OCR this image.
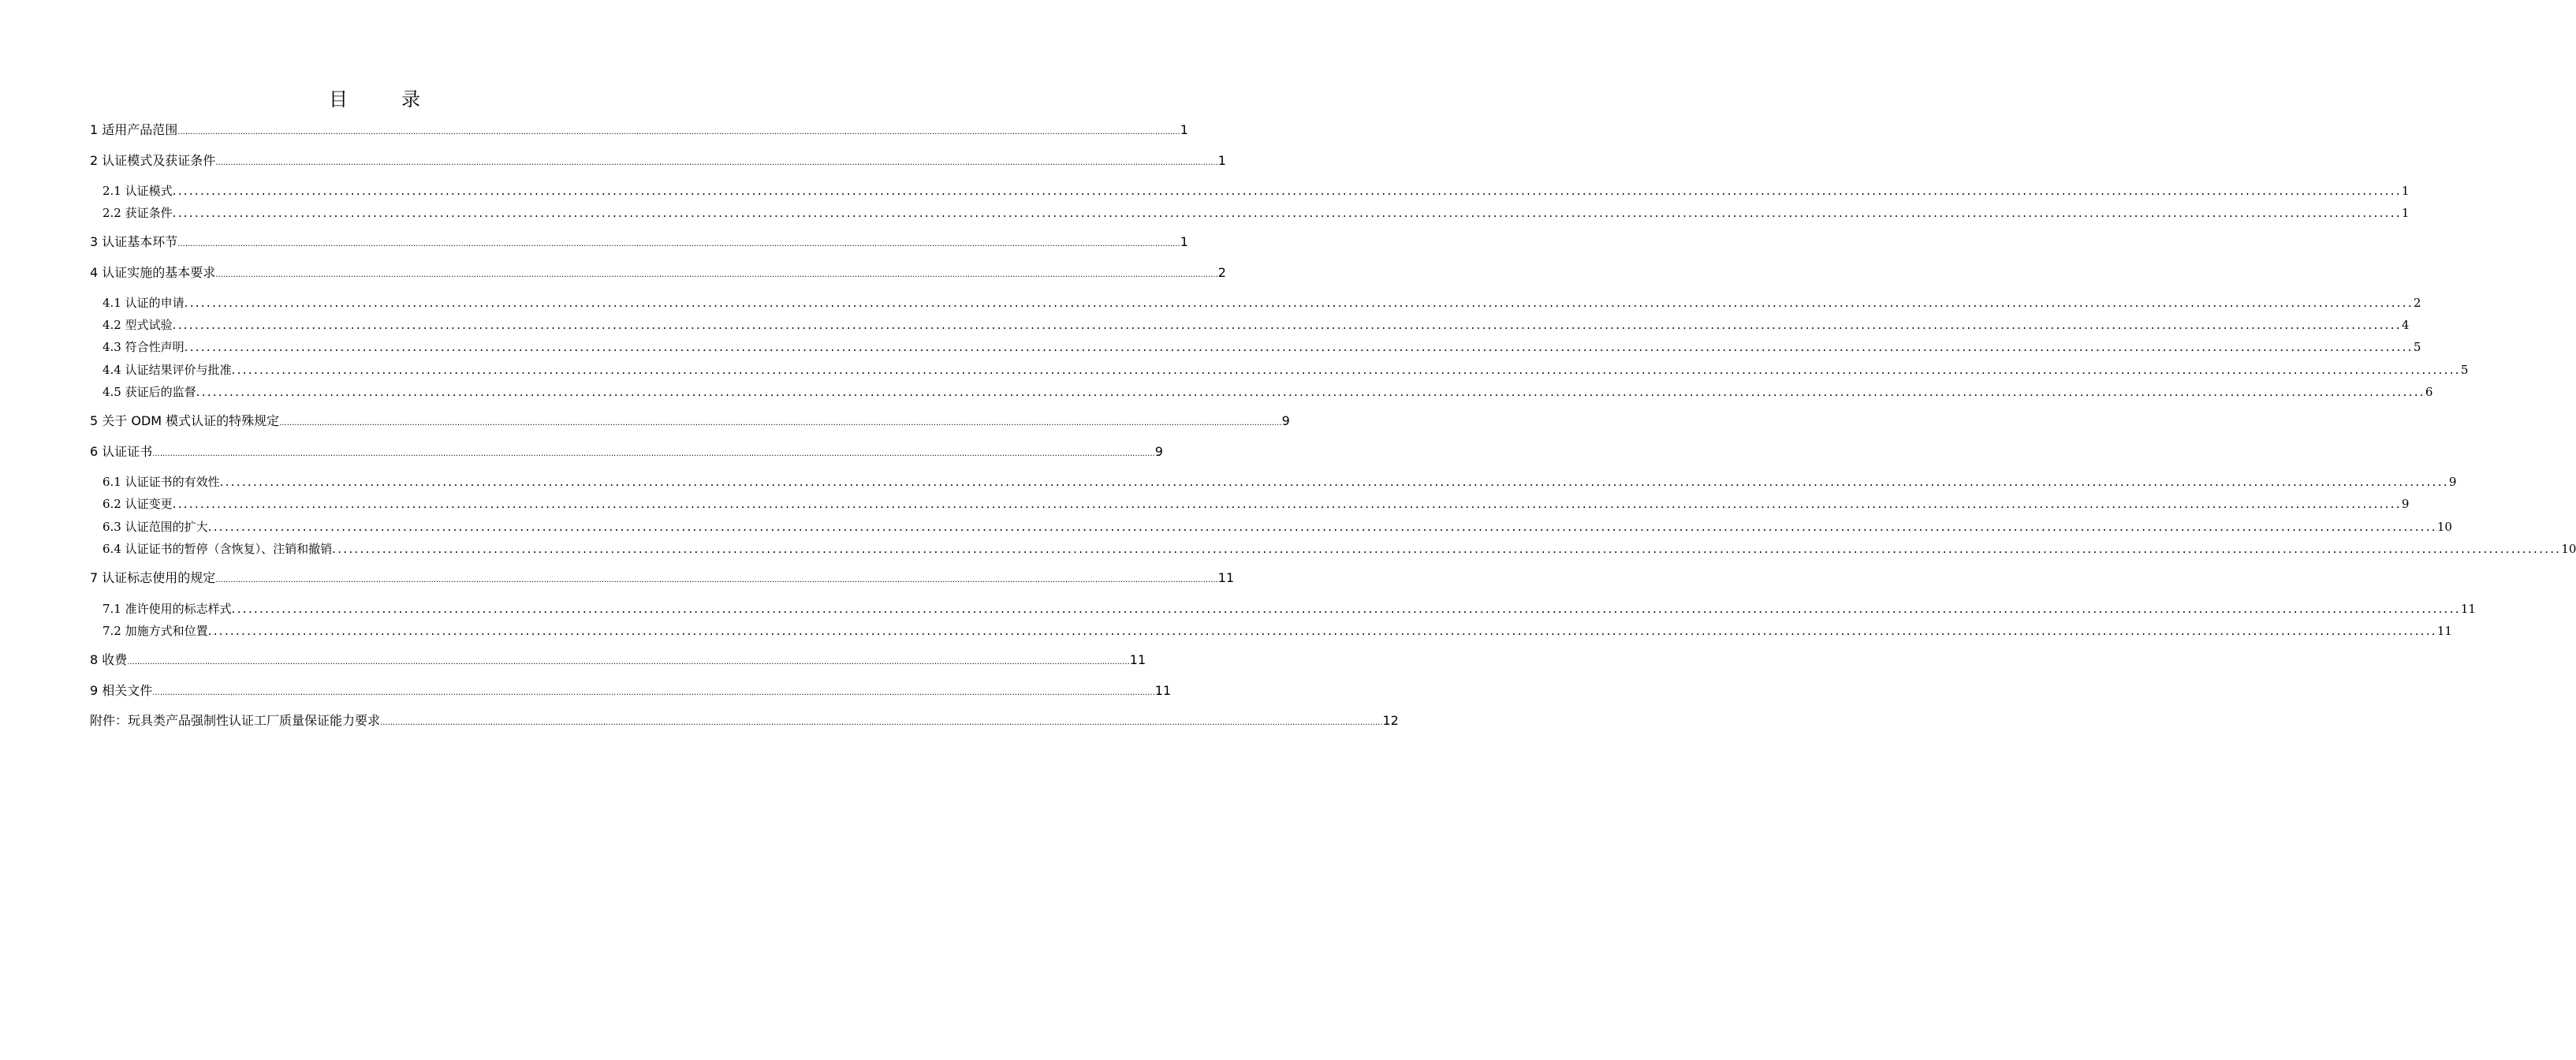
目　录
1 适用产品范围 ................................................................................................................................................................................................................................................................................................................................................................................................................ 1
2 认证模式及获证条件 ................................................................................................................................................................................................................................................................................................................................................................................................................ 1
2.1 认证模式 ................................................................................................................................................................................................................................................................................................................................................................................................................ 1
2.2 获证条件 ................................................................................................................................................................................................................................................................................................................................................................................................................ 1
3 认证基本环节 ................................................................................................................................................................................................................................................................................................................................................................................................................ 1
4 认证实施的基本要求 ................................................................................................................................................................................................................................................................................................................................................................................................................ 2
4.1 认证的申请 ................................................................................................................................................................................................................................................................................................................................................................................................................ 2
4.2 型式试验 ................................................................................................................................................................................................................................................................................................................................................................................................................ 4
4.3 符合性声明 ................................................................................................................................................................................................................................................................................................................................................................................................................ 5
4.4 认证结果评价与批准 ................................................................................................................................................................................................................................................................................................................................................................................................................ 5
4.5 获证后的监督 ................................................................................................................................................................................................................................................................................................................................................................................................................ 6
5 关于 ODM 模式认证的特殊规定 ................................................................................................................................................................................................................................................................................................................................................................................................................ 9
6 认证证书 ................................................................................................................................................................................................................................................................................................................................................................................................................ 9
6.1 认证证书的有效性 ................................................................................................................................................................................................................................................................................................................................................................................................................ 9
6.2 认证变更 ................................................................................................................................................................................................................................................................................................................................................................................................................ 9
6.3 认证范围的扩大 ................................................................................................................................................................................................................................................................................................................................................................................................................ 10
6.4 认证证书的暂停（含恢复）、注销和撤销 ................................................................................................................................................................................................................................................................................................................................................................................................................ 10
7 认证标志使用的规定 ................................................................................................................................................................................................................................................................................................................................................................................................................ 11
7.1 准许使用的标志样式 ................................................................................................................................................................................................................................................................................................................................................................................................................ 11
7.2 加施方式和位置 ................................................................................................................................................................................................................................................................................................................................................................................................................ 11
8 收费 ................................................................................................................................................................................................................................................................................................................................................................................................................ 11
9 相关文件 ................................................................................................................................................................................................................................................................................................................................................................................................................ 11
附件：玩具类产品强制性认证工厂质量保证能力要求 ................................................................................................................................................................................................................................................................................................................................................................................................................ 12
